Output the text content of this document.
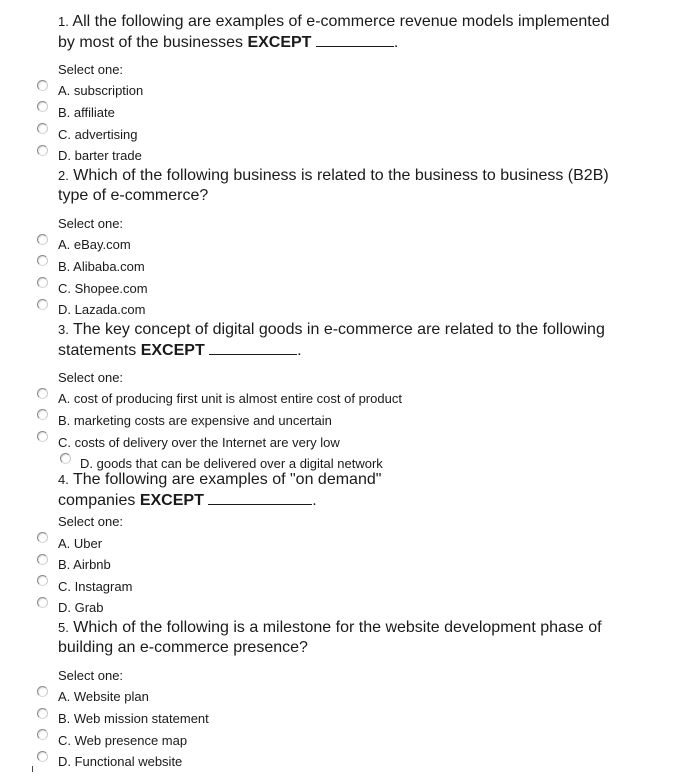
1. All the following are examples of e-commerce revenue models implemented by most of the businesses EXCEPT	.
Select one:
A. subscription
B. affiliate
C. advertising
D. barter trade
2. Which of the following business is related to the business to business (B2B) type of e-commerce?
Select one:
A. eBay.com
B. Alibaba.com
C. Shopee.com
D. Lazada.com
3. The key concept of digital goods in e-commerce are related to the following statements EXCEPT	.
Select one:
A. cost of producing first unit is almost entire cost of product
B. marketing costs are expensive and uncertain
C. costs of delivery over the Internet are very low
D. goods that can be delivered over a digital network
4. The following are examples of "on demand"
companies EXCEPT	.
Select one:
A. Uber
B. Airbnb
C. Instagram
D. Grab
5. Which of the following is a milestone for the website development phase of building an e-commerce presence?
Select one:
A. Website plan
B. Web mission statement
C. Web presence map
D. Functional website
